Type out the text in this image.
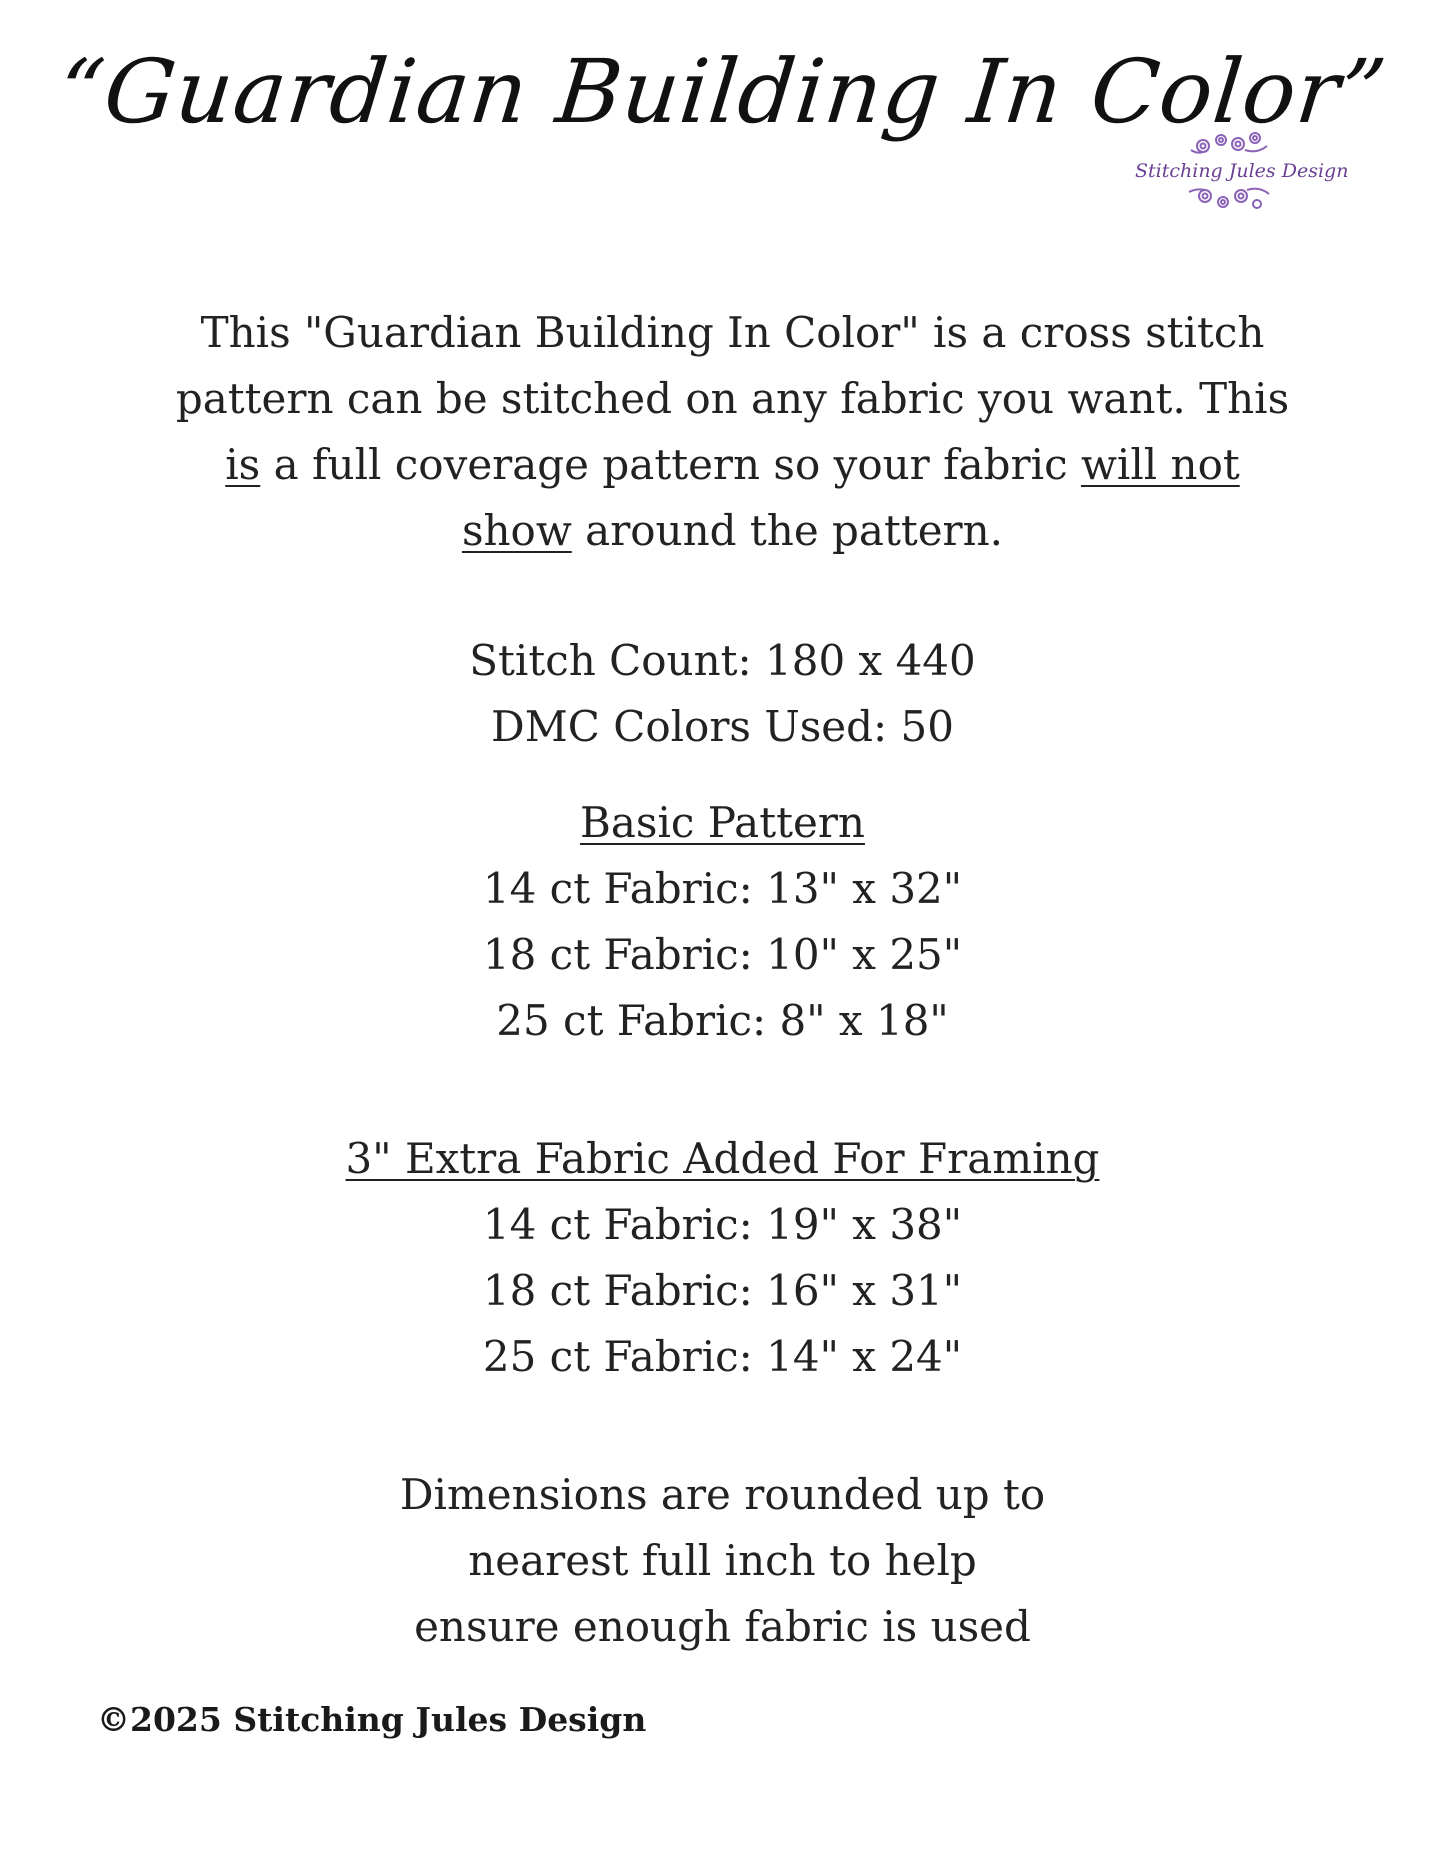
“Guardian Building In Color”
Stitching Jules Design
This "Guardian Building In Color" is a cross stitch pattern can be stitched on any fabric you want. This is a full coverage pattern so your fabric will not show around the pattern.
Stitch Count: 180 x 440
DMC Colors Used: 50
Basic Pattern
14 ct Fabric: 13" x 32"
18 ct Fabric: 10" x 25"
25 ct Fabric: 8" x 18"
3" Extra Fabric Added For Framing
14 ct Fabric: 19" x 38"
18 ct Fabric: 16" x 31"
25 ct Fabric: 14" x 24"
Dimensions are rounded up to
nearest full inch to help
ensure enough fabric is used
©2025 Stitching Jules Design
